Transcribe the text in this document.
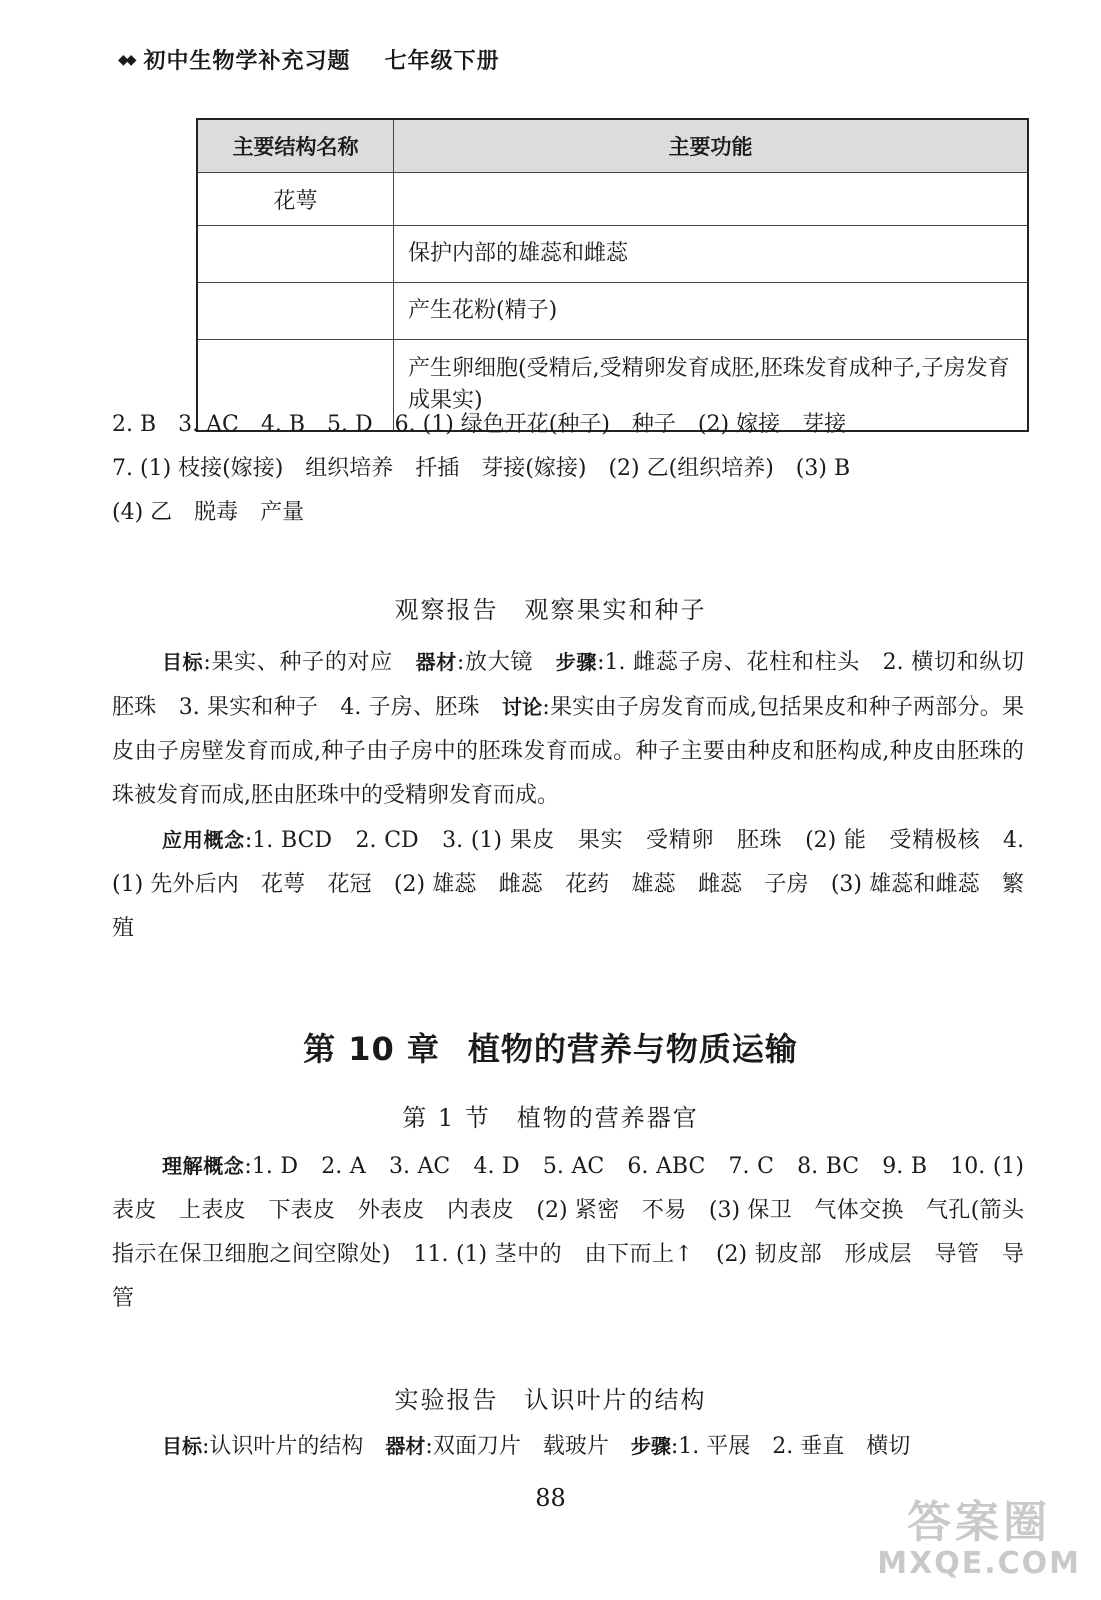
◆◆ 初中生物学补充习题 七年级下册
主要结构名称	主要功能
花萼	
	保护内部的雄蕊和雌蕊
	产生花粉(精子)
	产生卵细胞(受精后,受精卵发育成胚,胚珠发育成种子,子房发育成果实)
2. B　3. AC　4. B　5. D　6. (1) 绿色开花(种子)　种子　(2) 嫁接　芽接
7. (1) 枝接(嫁接)　组织培养　扦插　芽接(嫁接)　(2) 乙(组织培养)　(3) B
(4) 乙　脱毒　产量
观察报告　观察果实和种子

目标:果实、种子的对应　器材:放大镜　步骤:1. 雌蕊子房、花柱和柱头　2. 横切和纵切　胚珠　3. 果实和种子　4. 子房、胚珠　讨论:果实由子房发育而成,包括果皮和种子两部分。果皮由子房壁发育而成,种子由子房中的胚珠发育而成。种子主要由种皮和胚构成,种皮由胚珠的珠被发育而成,胚由胚珠中的受精卵发育而成。

应用概念:1. BCD　2. CD　3. (1) 果皮　果实　受精卵　胚珠　(2) 能　受精极核　4. (1) 先外后内　花萼　花冠　(2) 雄蕊　雌蕊　花药　雄蕊　雌蕊　子房　(3) 雄蕊和雌蕊　繁殖

第 10 章 植物的营养与物质运输
第 1 节　植物的营养器官

理解概念:1. D　2. A　3. AC　4. D　5. AC　6. ABC　7. C　8. BC　9. B　10. (1) 表皮　上表皮　下表皮　外表皮　内表皮　(2) 紧密　不易　(3) 保卫　气体交换　气孔(箭头指示在保卫细胞之间空隙处)　11. (1) 茎中的　由下而上↑　(2) 韧皮部　形成层　导管　导管

实验报告　认识叶片的结构

目标:认识叶片的结构　器材:双面刀片　载玻片　步骤:1. 平展　2. 垂直　横切

88	答案圈
MXQE.COM
